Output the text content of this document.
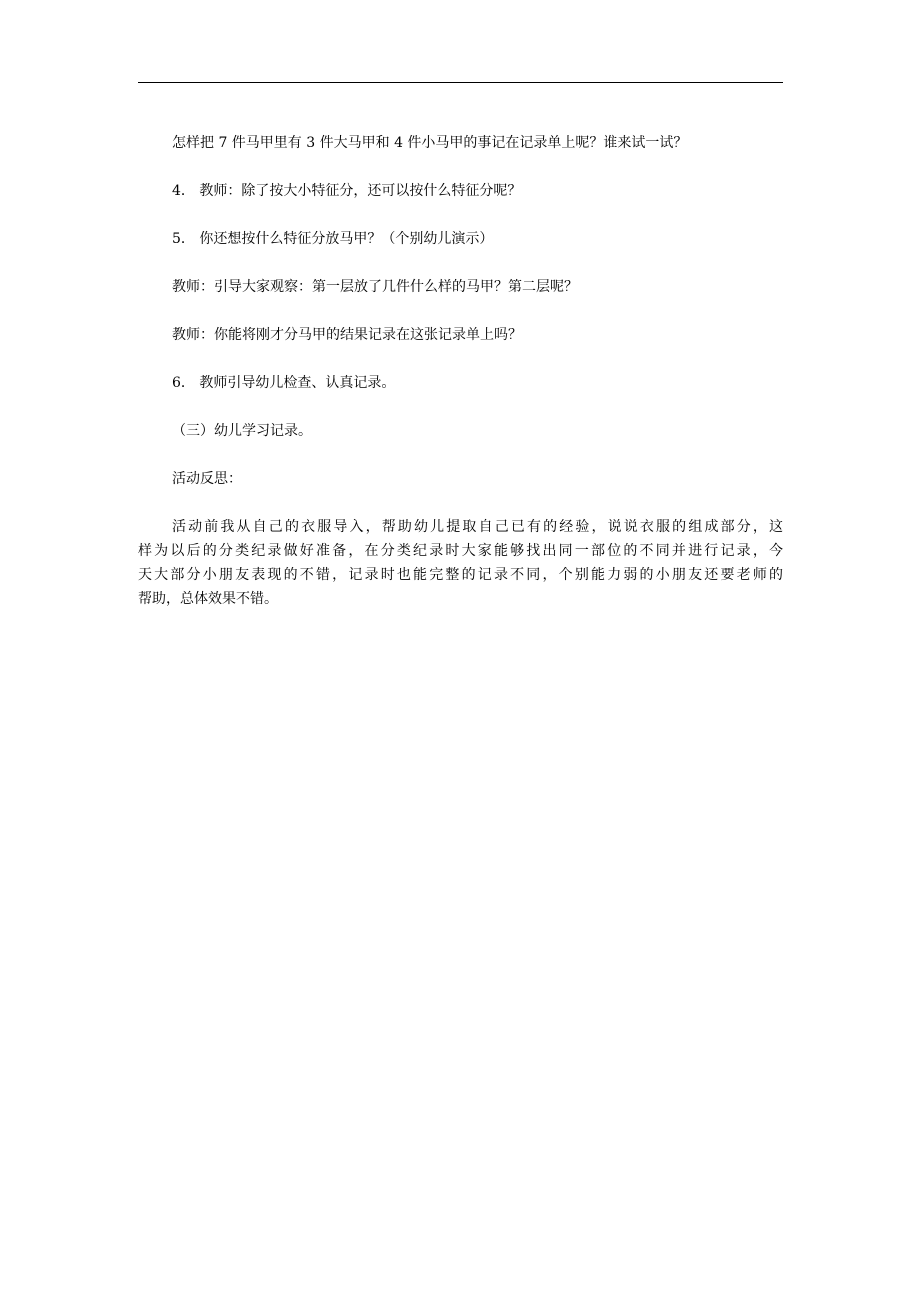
怎样把 7 件马甲里有 3 件大马甲和 4 件小马甲的事记在记录单上呢？谁来试一试？

4． 教师：除了按大小特征分，还可以按什么特征分呢？

5． 你还想按什么特征分放马甲？（个别幼儿演示）

教师：引导大家观察：第一层放了几件什么样的马甲？第二层呢？

教师：你能将刚才分马甲的结果记录在这张记录单上吗？

6． 教师引导幼儿检查、认真记录。

（三）幼儿学习记录。

活动反思：

活动前我从自己的衣服导入，帮助幼儿提取自己已有的经验，说说衣服的组成部分，这
样为以后的分类纪录做好准备，在分类纪录时大家能够找出同一部位的不同并进行记录，今
天大部分小朋友表现的不错，记录时也能完整的记录不同，个别能力弱的小朋友还要老师的
帮助，总体效果不错。
